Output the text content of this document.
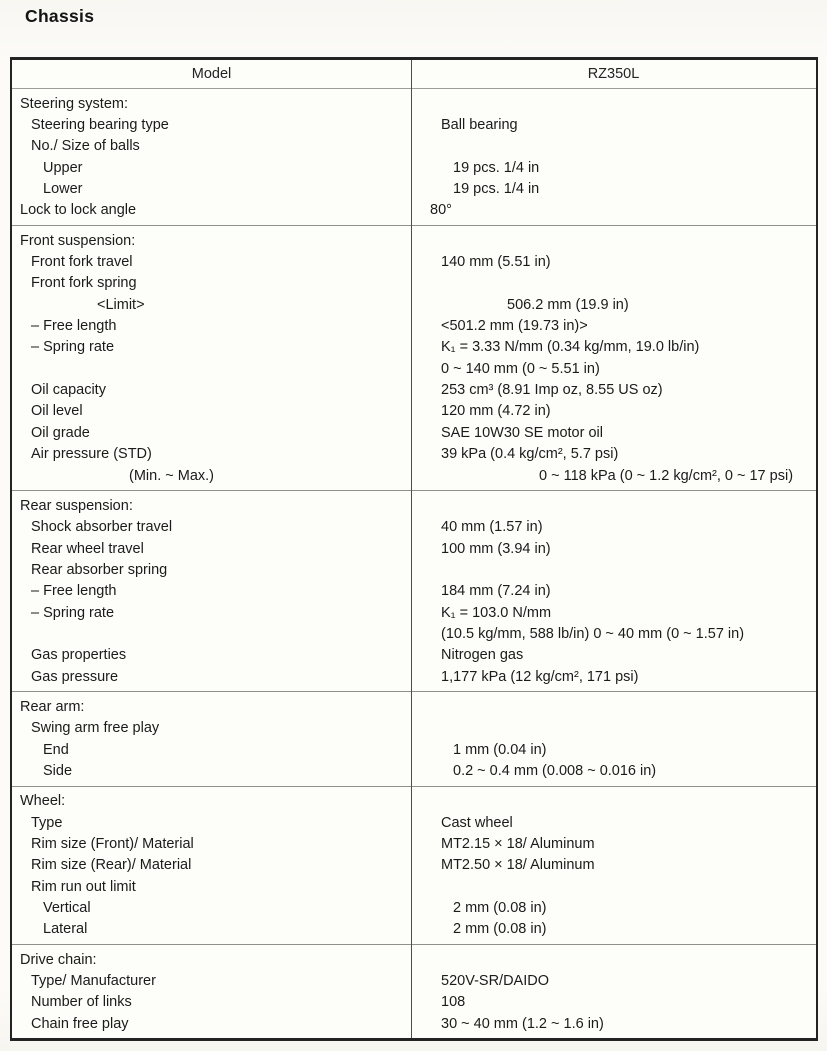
Chassis
Model	RZ350L
Steering system:
Steering bearing type	Ball bearing
No./ Size of balls
Upper	19 pcs. 1/4 in
Lower	19 pcs. 1/4 in
Lock to lock angle	80°
Front suspension:
Front fork travel	140 mm (5.51 in)
Front fork spring
<Limit>	506.2 mm (19.9 in)
– Free length	<501.2 mm (19.73 in)>
– Spring rate	K₁ = 3.33 N/mm (0.34 kg/mm, 19.0 lb/in)
0 ~ 140 mm (0 ~ 5.51 in)
Oil capacity	253 cm³ (8.91 Imp oz, 8.55 US oz)
Oil level	120 mm (4.72 in)
Oil grade	SAE 10W30 SE motor oil
Air pressure (STD)	39 kPa (0.4 kg/cm², 5.7 psi)
(Min. ~ Max.)	0 ~ 118 kPa (0 ~ 1.2 kg/cm², 0 ~ 17 psi)
Rear suspension:
Shock absorber travel	40 mm (1.57 in)
Rear wheel travel	100 mm (3.94 in)
Rear absorber spring
– Free length	184 mm (7.24 in)
– Spring rate	K₁ = 103.0 N/mm
(10.5 kg/mm, 588 lb/in) 0 ~ 40 mm (0 ~ 1.57 in)
Gas properties	Nitrogen gas
Gas pressure	1,177 kPa (12 kg/cm², 171 psi)
Rear arm:
Swing arm free play
End	1 mm (0.04 in)
Side	0.2 ~ 0.4 mm (0.008 ~ 0.016 in)
Wheel:
Type	Cast wheel
Rim size (Front)/ Material	MT2.15 × 18/ Aluminum
Rim size (Rear)/ Material	MT2.50 × 18/ Aluminum
Rim run out limit
Vertical	2 mm (0.08 in)
Lateral	2 mm (0.08 in)
Drive chain:
Type/ Manufacturer	520V-SR/DAIDO
Number of links	108
Chain free play	30 ~ 40 mm (1.2 ~ 1.6 in)
